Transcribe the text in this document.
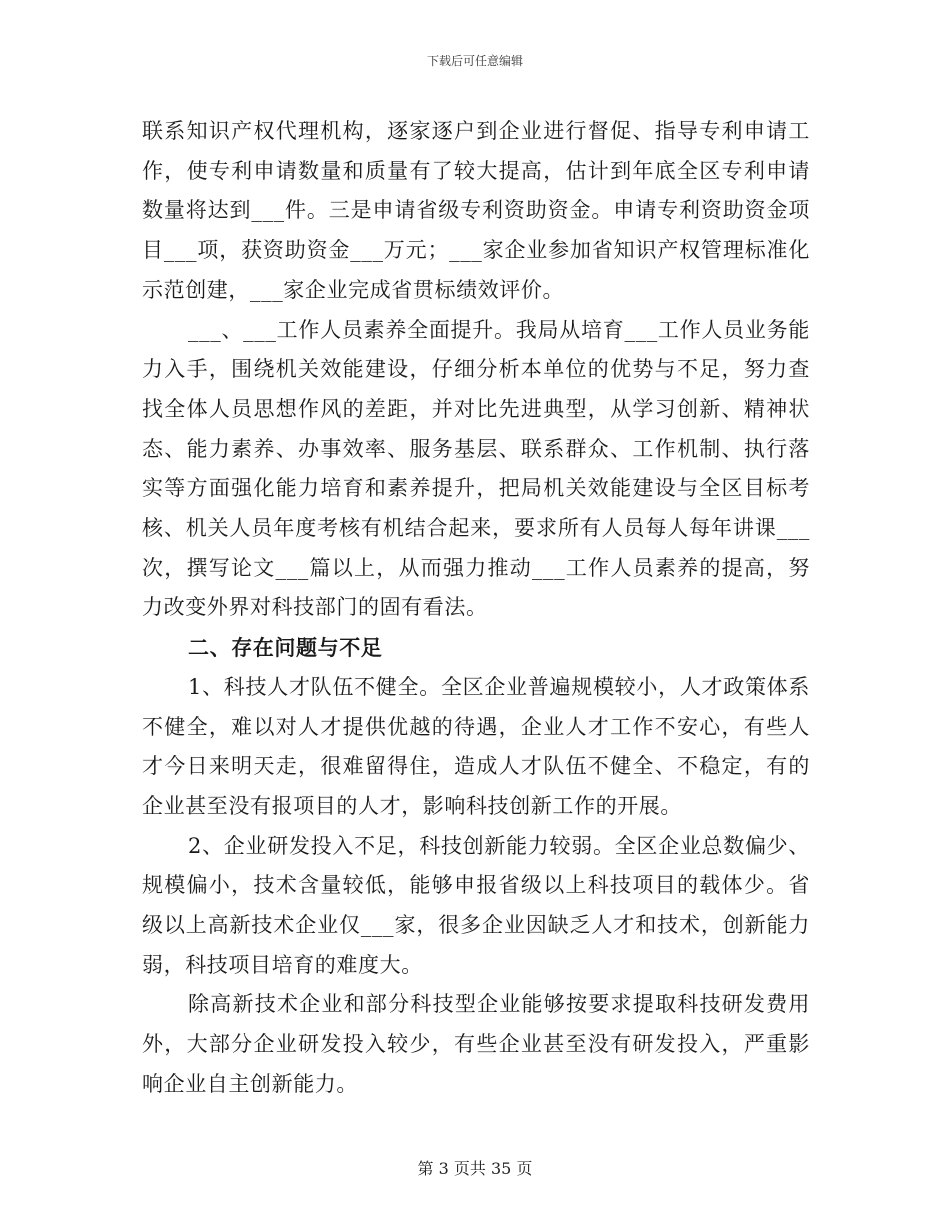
下载后可任意编辑

联系知识产权代理机构，逐家逐户到企业进行督促、指导专利申请工作，使专利申请数量和质量有了较大提高，估计到年底全区专利申请数量将达到___件。三是申请省级专利资助资金。申请专利资助资金项目___项，获资助资金___万元；___家企业参加省知识产权管理标准化示范创建，___家企业完成省贯标绩效评价。

___、___工作人员素养全面提升。我局从培育___工作人员业务能力入手，围绕机关效能建设，仔细分析本单位的优势与不足，努力查找全体人员思想作风的差距，并对比先进典型，从学习创新、精神状态、能力素养、办事效率、服务基层、联系群众、工作机制、执行落实等方面强化能力培育和素养提升，把局机关效能建设与全区目标考核、机关人员年度考核有机结合起来，要求所有人员每人每年讲课___次，撰写论文___篇以上，从而强力推动___工作人员素养的提高，努力改变外界对科技部门的固有看法。

二、存在问题与不足

1、科技人才队伍不健全。全区企业普遍规模较小，人才政策体系不健全，难以对人才提供优越的待遇，企业人才工作不安心，有些人才今日来明天走，很难留得住，造成人才队伍不健全、不稳定，有的企业甚至没有报项目的人才，影响科技创新工作的开展。

2、企业研发投入不足，科技创新能力较弱。全区企业总数偏少、规模偏小，技术含量较低，能够申报省级以上科技项目的载体少。省级以上高新技术企业仅___家，很多企业因缺乏人才和技术，创新能力弱，科技项目培育的难度大。

除高新技术企业和部分科技型企业能够按要求提取科技研发费用外，大部分企业研发投入较少，有些企业甚至没有研发投入，严重影响企业自主创新能力。

第 3 页共 35 页
